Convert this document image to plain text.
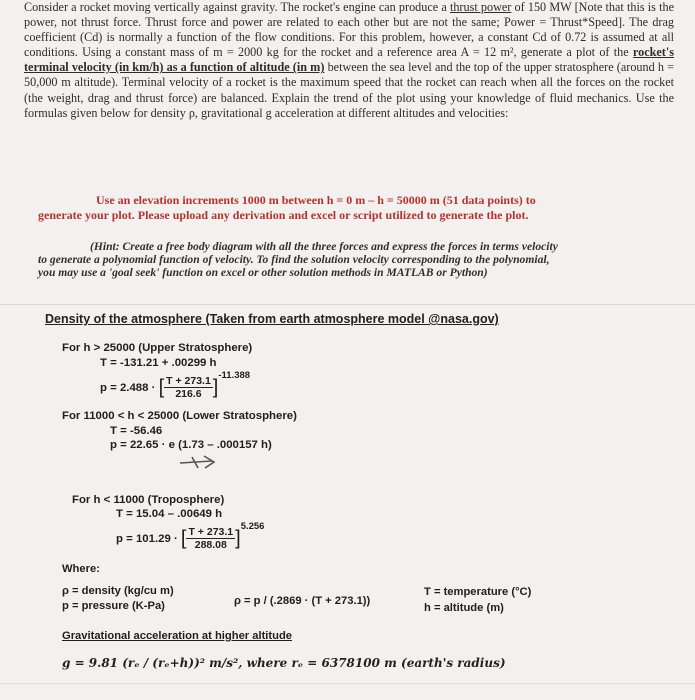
Consider a rocket moving vertically against gravity. The rocket's engine can produce a thrust power of 150 MW [Note that this is the power, not thrust force. Thrust force and power are related to each other but are not the same; Power = Thrust*Speed]. The drag coefficient (Cd) is normally a function of the flow conditions. For this problem, however, a constant Cd of 0.72 is assumed at all conditions. Using a constant mass of m = 2000 kg for the rocket and a reference area A = 12 m², generate a plot of the rocket's terminal velocity (in km/h) as a function of altitude (in m) between the sea level and the top of the upper stratosphere (around h = 50,000 m altitude). Terminal velocity of a rocket is the maximum speed that the rocket can reach when all the forces on the rocket (the weight, drag and thrust force) are balanced. Explain the trend of the plot using your knowledge of fluid mechanics. Use the formulas given below for density ρ, gravitational g acceleration at different altitudes and velocities:
Use an elevation increments 1000 m between h = 0 m – h = 50000 m (51 data points) to
generate your plot. Please upload any derivation and excel or script utilized to generate the plot.
(Hint: Create a free body diagram with all the three forces and express the forces in terms velocity
to generate a polynomial function of velocity. To find the solution velocity corresponding to the polynomial,
you may use a 'goal seek' function on excel or other solution methods in MATLAB or Python)
Density of the atmosphere (Taken from earth atmosphere model @nasa.gov)
For h > 25000 (Upper Stratosphere)
T = -131.21 + .00299 h
p = 2.488 · [ $\frac{T + 273.1}{216.6} ]^{-11.388}$
For 11000 < h < 25000 (Lower Stratosphere)
T = -56.46
p = 22.65 · e (1.73 – .000157 h)
For h < 11000 (Troposphere)
T = 15.04 – .00649 h
p = 101.29 · [ $\frac{T + 273.1}{288.08} ]^{5.256}$
Where:
ρ = density (kg/cu m)
p = pressure (K-Pa)	ρ = p / (.2869 · (T + 273.1))
T = temperature (°C)
h = altitude (m)
Gravitational acceleration at higher altitude
g = 9.81 (rₑ / (rₑ+h))² m/s², where rₑ = 6378100 m (earth's radius)
